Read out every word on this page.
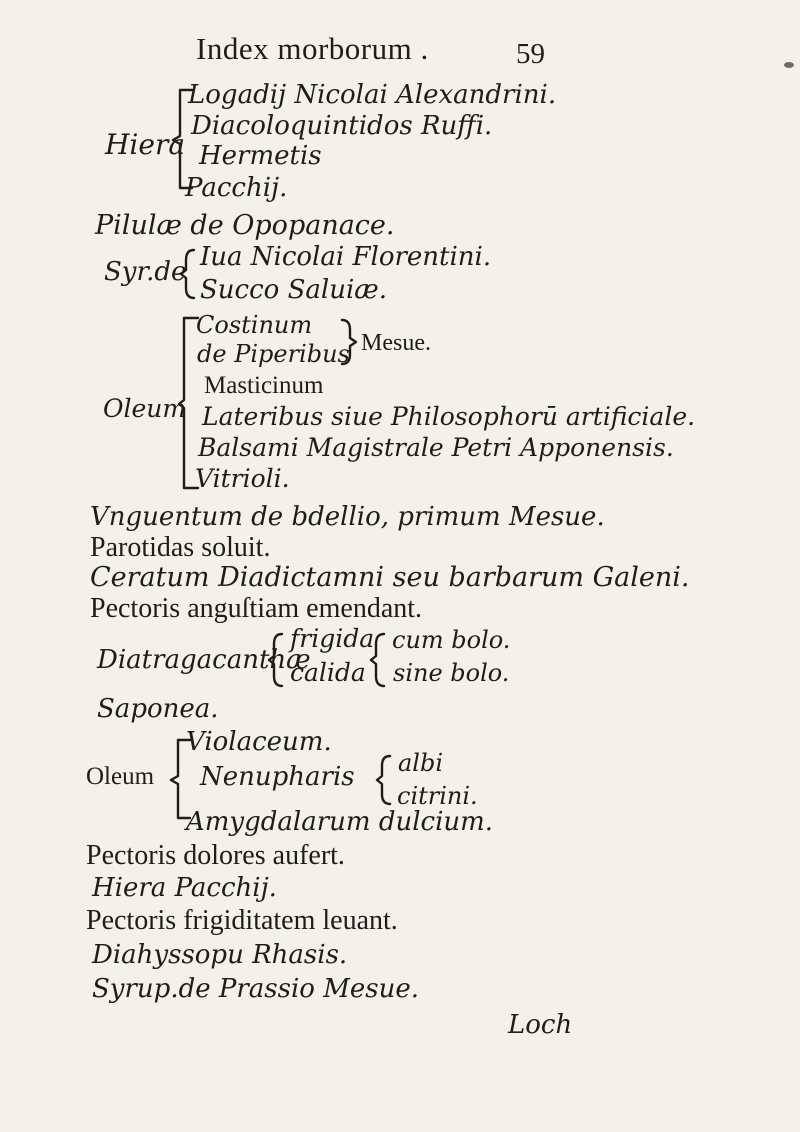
Index morborum .	59
Hiera
Logadij Nicolai Alexandrini.
Diacoloquintidos Ruffi.
Hermetis
Pacchij.
Pilulæ de Opopanace.
Syr.de Iua Nicolai Florentini.
Succo Saluiæ.
Oleum
Costinum
de Piperibus Mesue.
Masticinum
Lateribus siue Philosophorū artificiale.
Balsami Magistrale Petri Apponensis.
Vitrioli.
Vnguentum de bdellio, primum Mesue.
Parotidas soluit.
Ceratum Diadictamni seu barbarum Galeni.
Pectoris anguſtiam emendant.
Diatragacanthæ
frigida
calida
cum bolo.
sine bolo.
Saponea.
Oleum
Violaceum.
Nenupharis albi
citrini.
Amygdalarum dulcium.
Pectoris dolores aufert.
Hiera Pacchij.
Pectoris frigiditatem leuant.
Diahyssopu Rhasis.
Syrup.de Prassio Mesue.
Loch
